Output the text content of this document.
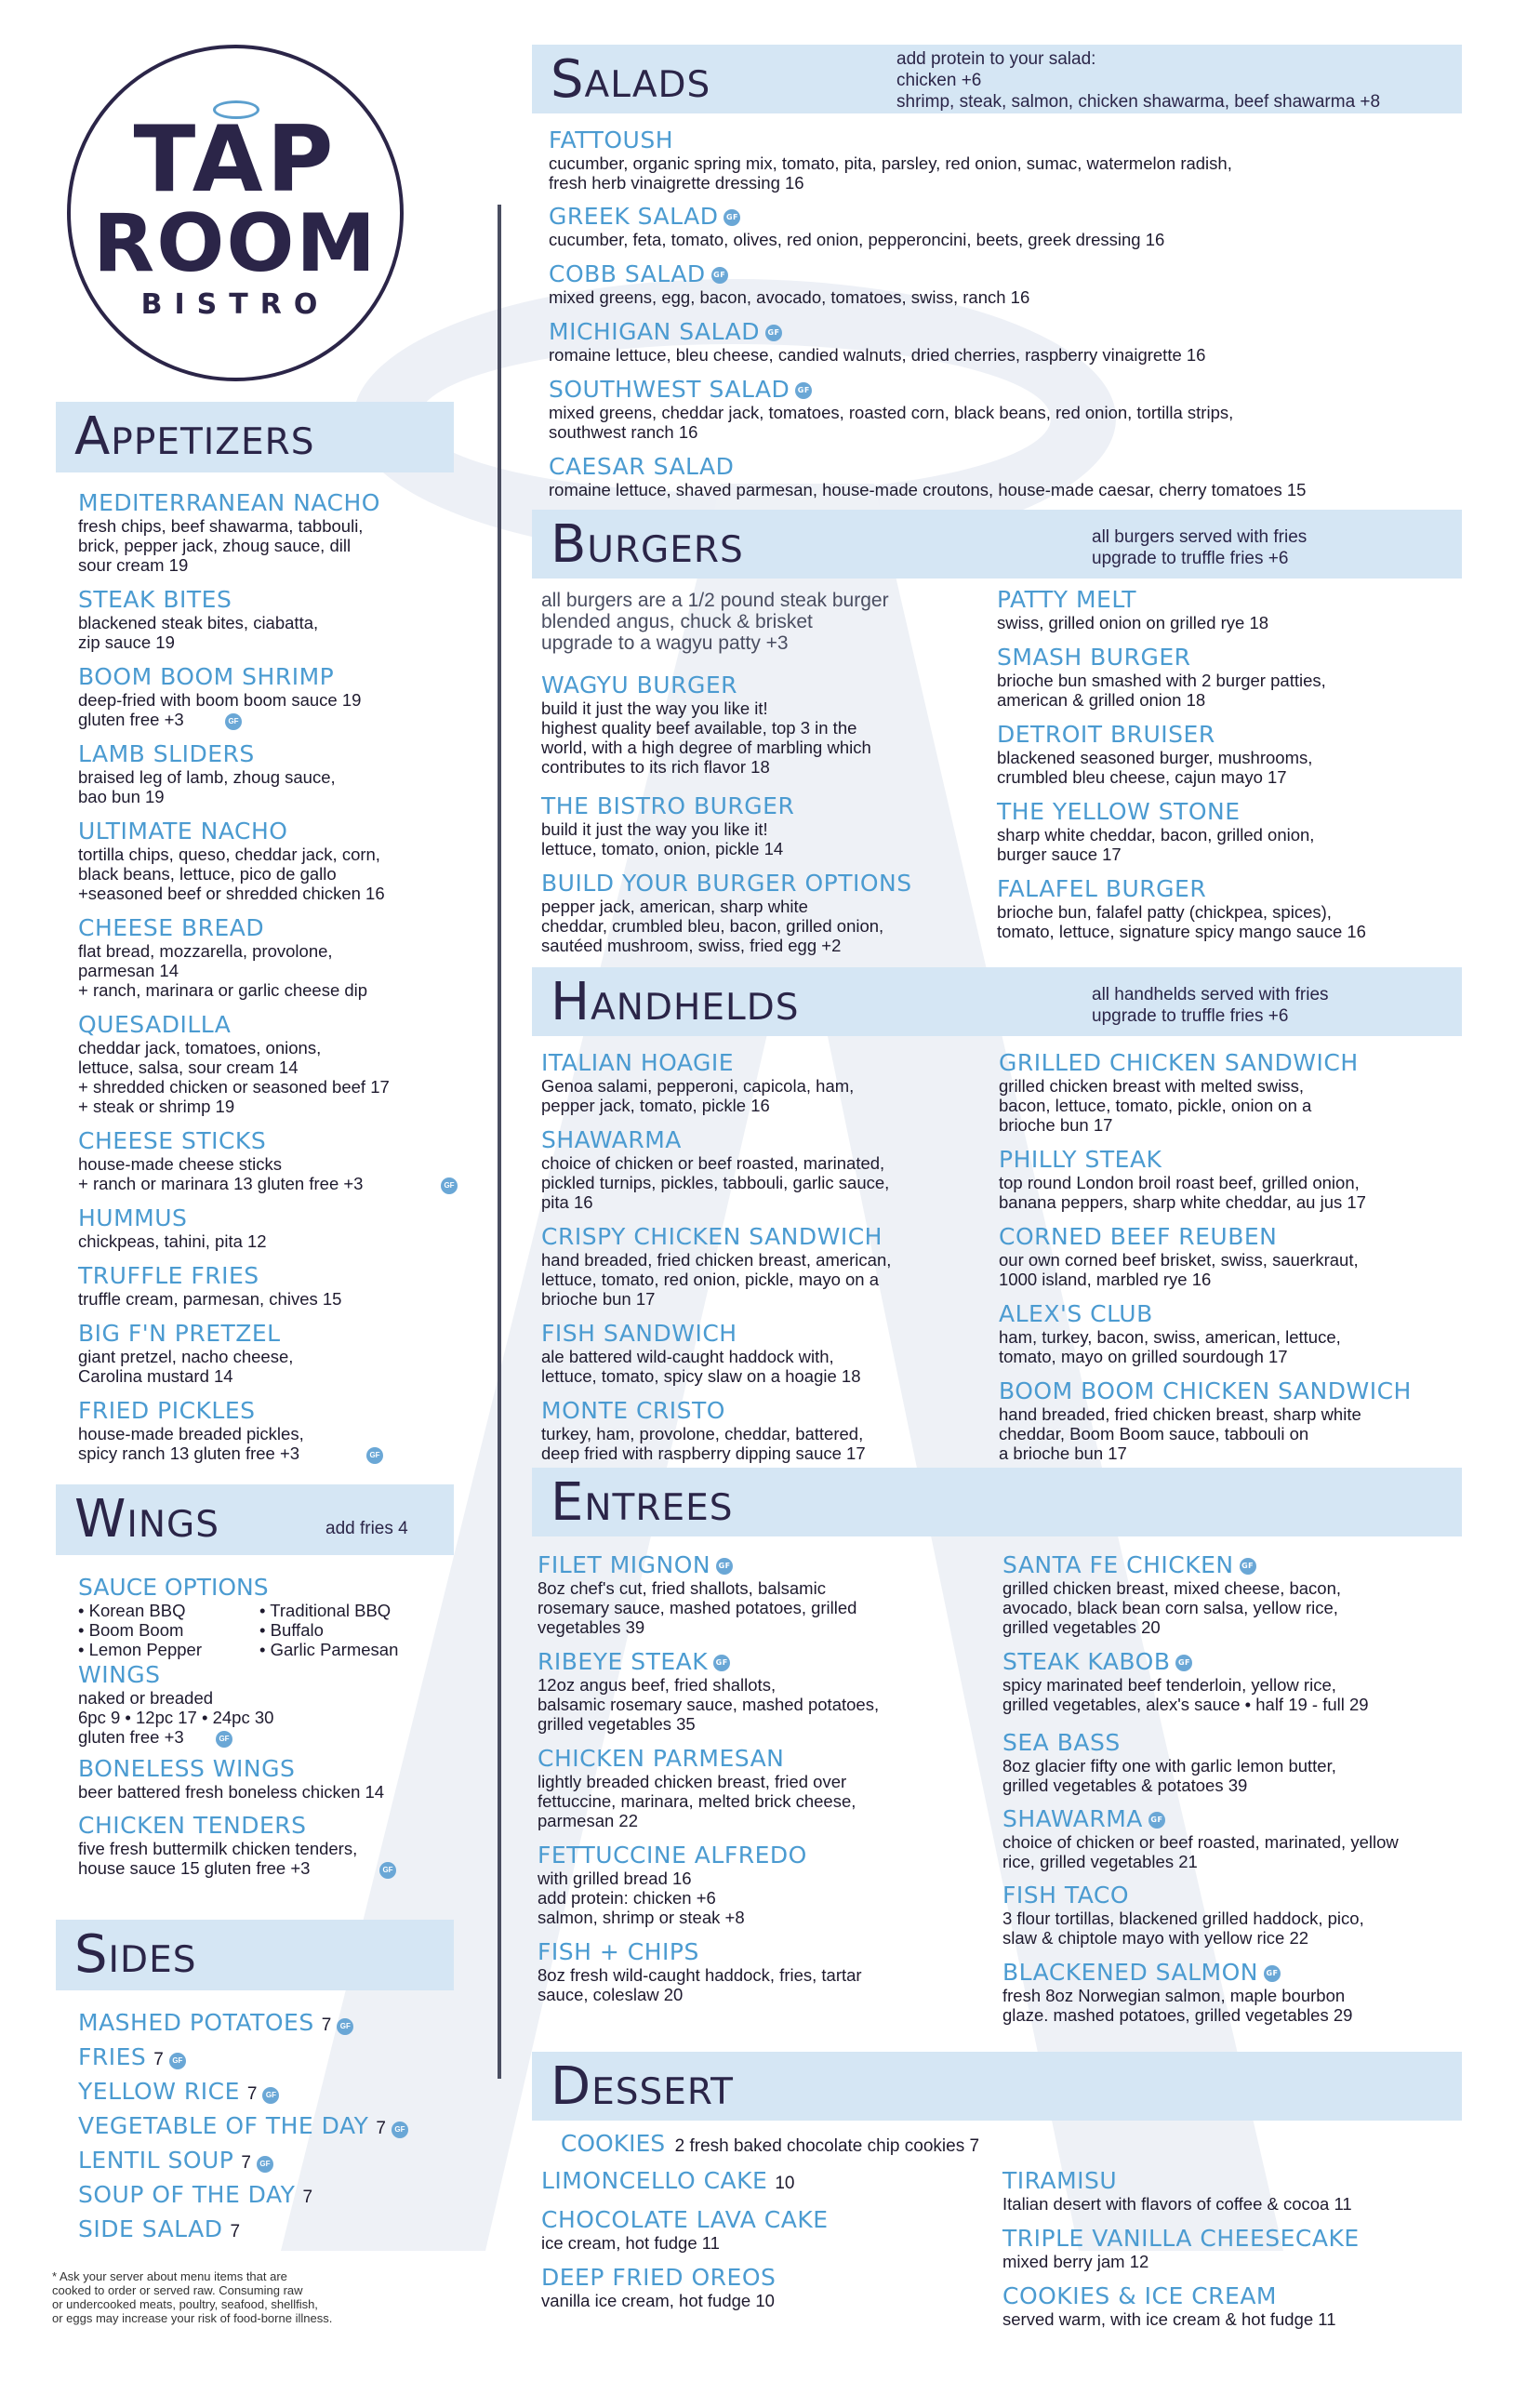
TAP
ROOM
BISTRO
Appetizers
MEDITERRANEAN NACHO
fresh chips, beef shawarma, tabbouli,
brick, pepper jack, zhoug sauce, dill
sour cream 19
STEAK BITES
blackened steak bites, ciabatta,
zip sauce 19
BOOM BOOM SHRIMP
deep-fried with boom boom sauce 19
gluten free +3	GF
LAMB SLIDERS
braised leg of lamb, zhoug sauce,
bao bun 19
ULTIMATE NACHO
tortilla chips, queso, cheddar jack, corn,
black beans, lettuce, pico de gallo
+seasoned beef or shredded chicken 16
CHEESE BREAD
flat bread, mozzarella, provolone,
parmesan 14
+ ranch, marinara or garlic cheese dip
QUESADILLA
cheddar jack, tomatoes, onions,
lettuce, salsa, sour cream 14
+ shredded chicken or seasoned beef 17
+ steak or shrimp 19
CHEESE STICKS
house-made cheese sticks
+ ranch or marinara 13 gluten free +3	GF
HUMMUS
chickpeas, tahini, pita 12
TRUFFLE FRIES
truffle cream, parmesan, chives 15
BIG F'N PRETZEL
giant pretzel, nacho cheese,
Carolina mustard 14
FRIED PICKLES
house-made breaded pickles,
spicy ranch 13 gluten free +3	GF
Wings	add fries 4
SAUCE OPTIONS
• Korean BBQ
• Boom Boom
• Lemon Pepper
• Traditional BBQ
• Buffalo
• Garlic Parmesan
WINGS
naked or breaded
6pc 9 • 12pc 17 • 24pc 30
gluten free +3	GF
BONELESS WINGS
beer battered fresh boneless chicken 14
CHICKEN TENDERS
five fresh buttermilk chicken tenders,
house sauce 15 gluten free +3	GF
Sides
MASHED POTATOES 7 GF
FRIES 7 GF
YELLOW RICE 7 GF
VEGETABLE OF THE DAY 7 GF
LENTIL SOUP 7 GF
SOUP OF THE DAY 7
SIDE SALAD 7
* Ask your server about menu items that are
cooked to order or served raw. Consuming raw
or undercooked meats, poultry, seafood, shellfish,
or eggs may increase your risk of food-borne illness.
Salads	add protein to your salad:
chicken +6
shrimp, steak, salmon, chicken shawarma, beef shawarma +8
FATTOUSH
cucumber, organic spring mix, tomato, pita, parsley, red onion, sumac, watermelon radish,
fresh herb vinaigrette dressing 16
GREEK SALAD GF
cucumber, feta, tomato, olives, red onion, pepperoncini, beets, greek dressing 16
COBB SALAD GF
mixed greens, egg, bacon, avocado, tomatoes, swiss, ranch 16
MICHIGAN SALAD GF
romaine lettuce, bleu cheese, candied walnuts, dried cherries, raspberry vinaigrette 16
SOUTHWEST SALAD GF
mixed greens, cheddar jack, tomatoes, roasted corn, black beans, red onion, tortilla strips,
southwest ranch 16
CAESAR SALAD
romaine lettuce, shaved parmesan, house-made croutons, house-made caesar, cherry tomatoes 15
Burgers	all burgers served with fries
upgrade to truffle fries +6
all burgers are a 1/2 pound steak burger
blended angus, chuck & brisket
upgrade to a wagyu patty +3
WAGYU BURGER
build it just the way you like it!
highest quality beef available, top 3 in the
world, with a high degree of marbling which
contributes to its rich flavor 18
THE BISTRO BURGER
build it just the way you like it!
lettuce, tomato, onion, pickle 14
BUILD YOUR BURGER OPTIONS
pepper jack, american, sharp white
cheddar, crumbled bleu, bacon, grilled onion,
sautéed mushroom, swiss, fried egg +2
PATTY MELT
swiss, grilled onion on grilled rye 18
SMASH BURGER
brioche bun smashed with 2 burger patties,
american & grilled onion 18
DETROIT BRUISER
blackened seasoned burger, mushrooms,
crumbled bleu cheese, cajun mayo 17
THE YELLOW STONE
sharp white cheddar, bacon, grilled onion,
burger sauce 17
FALAFEL BURGER
brioche bun, falafel patty (chickpea, spices),
tomato, lettuce, signature spicy mango sauce 16
Handhelds	all handhelds served with fries
upgrade to truffle fries +6
ITALIAN HOAGIE
Genoa salami, pepperoni, capicola, ham,
pepper jack, tomato, pickle 16
SHAWARMA
choice of chicken or beef roasted, marinated,
pickled turnips, pickles, tabbouli, garlic sauce,
pita 16
CRISPY CHICKEN SANDWICH
hand breaded, fried chicken breast, american,
lettuce, tomato, red onion, pickle, mayo on a
brioche bun 17
FISH SANDWICH
ale battered wild-caught haddock with,
lettuce, tomato, spicy slaw on a hoagie 18
MONTE CRISTO
turkey, ham, provolone, cheddar, battered,
deep fried with raspberry dipping sauce 17
GRILLED CHICKEN SANDWICH
grilled chicken breast with melted swiss,
bacon, lettuce, tomato, pickle, onion on a
brioche bun 17
PHILLY STEAK
top round London broil roast beef, grilled onion,
banana peppers, sharp white cheddar, au jus 17
CORNED BEEF REUBEN
our own corned beef brisket, swiss, sauerkraut,
1000 island, marbled rye 16
ALEX'S CLUB
ham, turkey, bacon, swiss, american, lettuce,
tomato, mayo on grilled sourdough 17
BOOM BOOM CHICKEN SANDWICH
hand breaded, fried chicken breast, sharp white
cheddar, Boom Boom sauce, tabbouli on
a brioche bun 17
Entrees
FILET MIGNON GF
8oz chef's cut, fried shallots, balsamic
rosemary sauce, mashed potatoes, grilled
vegetables 39
RIBEYE STEAK GF
12oz angus beef, fried shallots,
balsamic rosemary sauce, mashed potatoes,
grilled vegetables 35
CHICKEN PARMESAN
lightly breaded chicken breast, fried over
fettuccine, marinara, melted brick cheese,
parmesan 22
FETTUCCINE ALFREDO
with grilled bread 16
add protein: chicken +6
salmon, shrimp or steak +8
FISH + CHIPS
8oz fresh wild-caught haddock, fries, tartar
sauce, coleslaw 20
SANTA FE CHICKEN GF
grilled chicken breast, mixed cheese, bacon,
avocado, black bean corn salsa, yellow rice,
grilled vegetables 20
STEAK KABOB GF
spicy marinated beef tenderloin, yellow rice,
grilled vegetables, alex's sauce • half 19 - full 29
SEA BASS
8oz glacier fifty one with garlic lemon butter,
grilled vegetables & potatoes 39
SHAWARMA GF
choice of chicken or beef roasted, marinated, yellow
rice, grilled vegetables 21
FISH TACO
3 flour tortillas, blackened grilled haddock, pico,
slaw & chiptole mayo with yellow rice 22
BLACKENED SALMON GF
fresh 8oz Norwegian salmon, maple bourbon
glaze. mashed potatoes, grilled vegetables 29
Dessert
COOKIES 2 fresh baked chocolate chip cookies 7
LIMONCELLO CAKE 10
CHOCOLATE LAVA CAKE
ice cream, hot fudge 11
DEEP FRIED OREOS
vanilla ice cream, hot fudge 10
TIRAMISU
Italian desert with flavors of coffee & cocoa 11
TRIPLE VANILLA CHEESECAKE
mixed berry jam 12
COOKIES & ICE CREAM
served warm, with ice cream & hot fudge 11
